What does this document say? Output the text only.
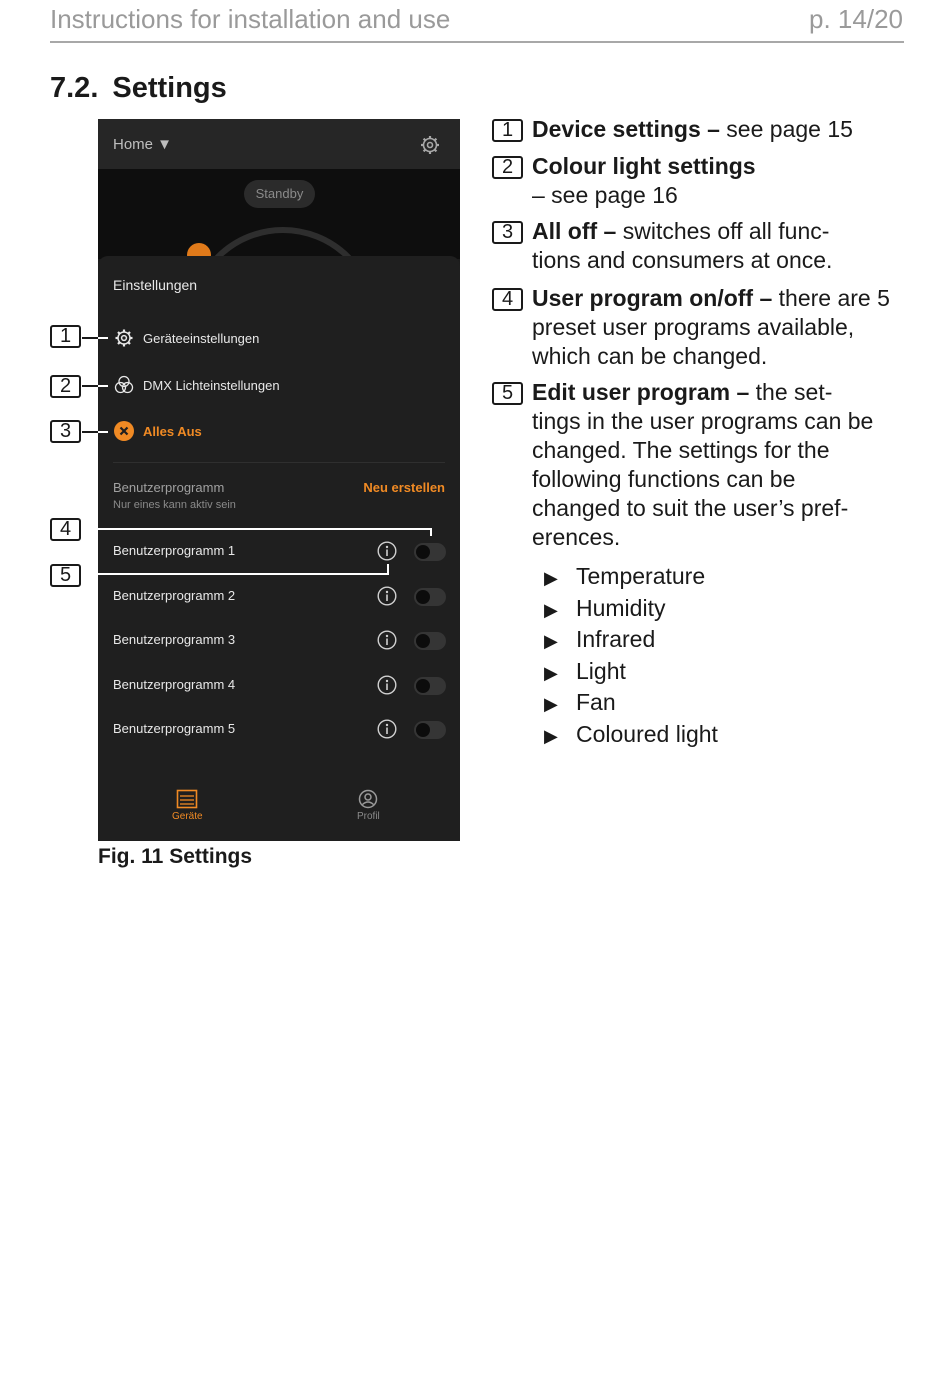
Instructions for installation and use	p. 14/20
7.2. Settings
Home ▼
Standby
Einstellungen
Geräteeinstellungen
DMX Lichteinstellungen
Alles Aus
Benutzerprogramm
Nur eines kann aktiv sein
Neu erstellen
Benutzerprogramm 1
Benutzerprogramm 2
Benutzerprogramm 3
Benutzerprogramm 4
Benutzerprogramm 5
Geräte	Profil
1
2
3
4
5
Fig. 11 Settings
1 Device settings – see page 15
2 Colour light settings
– see page 16
3 All off – switches off all func-tions and consumers at once.
4 User program on/off – there are 5 preset user programs available, which can be changed.
5 Edit user program – the set-tings in the user programs can be changed. The settings for the following functions can be changed to suit the user’s pref-erences.
▶ Temperature
▶ Humidity
▶ Infrared
▶ Light
▶ Fan
▶ Coloured light
